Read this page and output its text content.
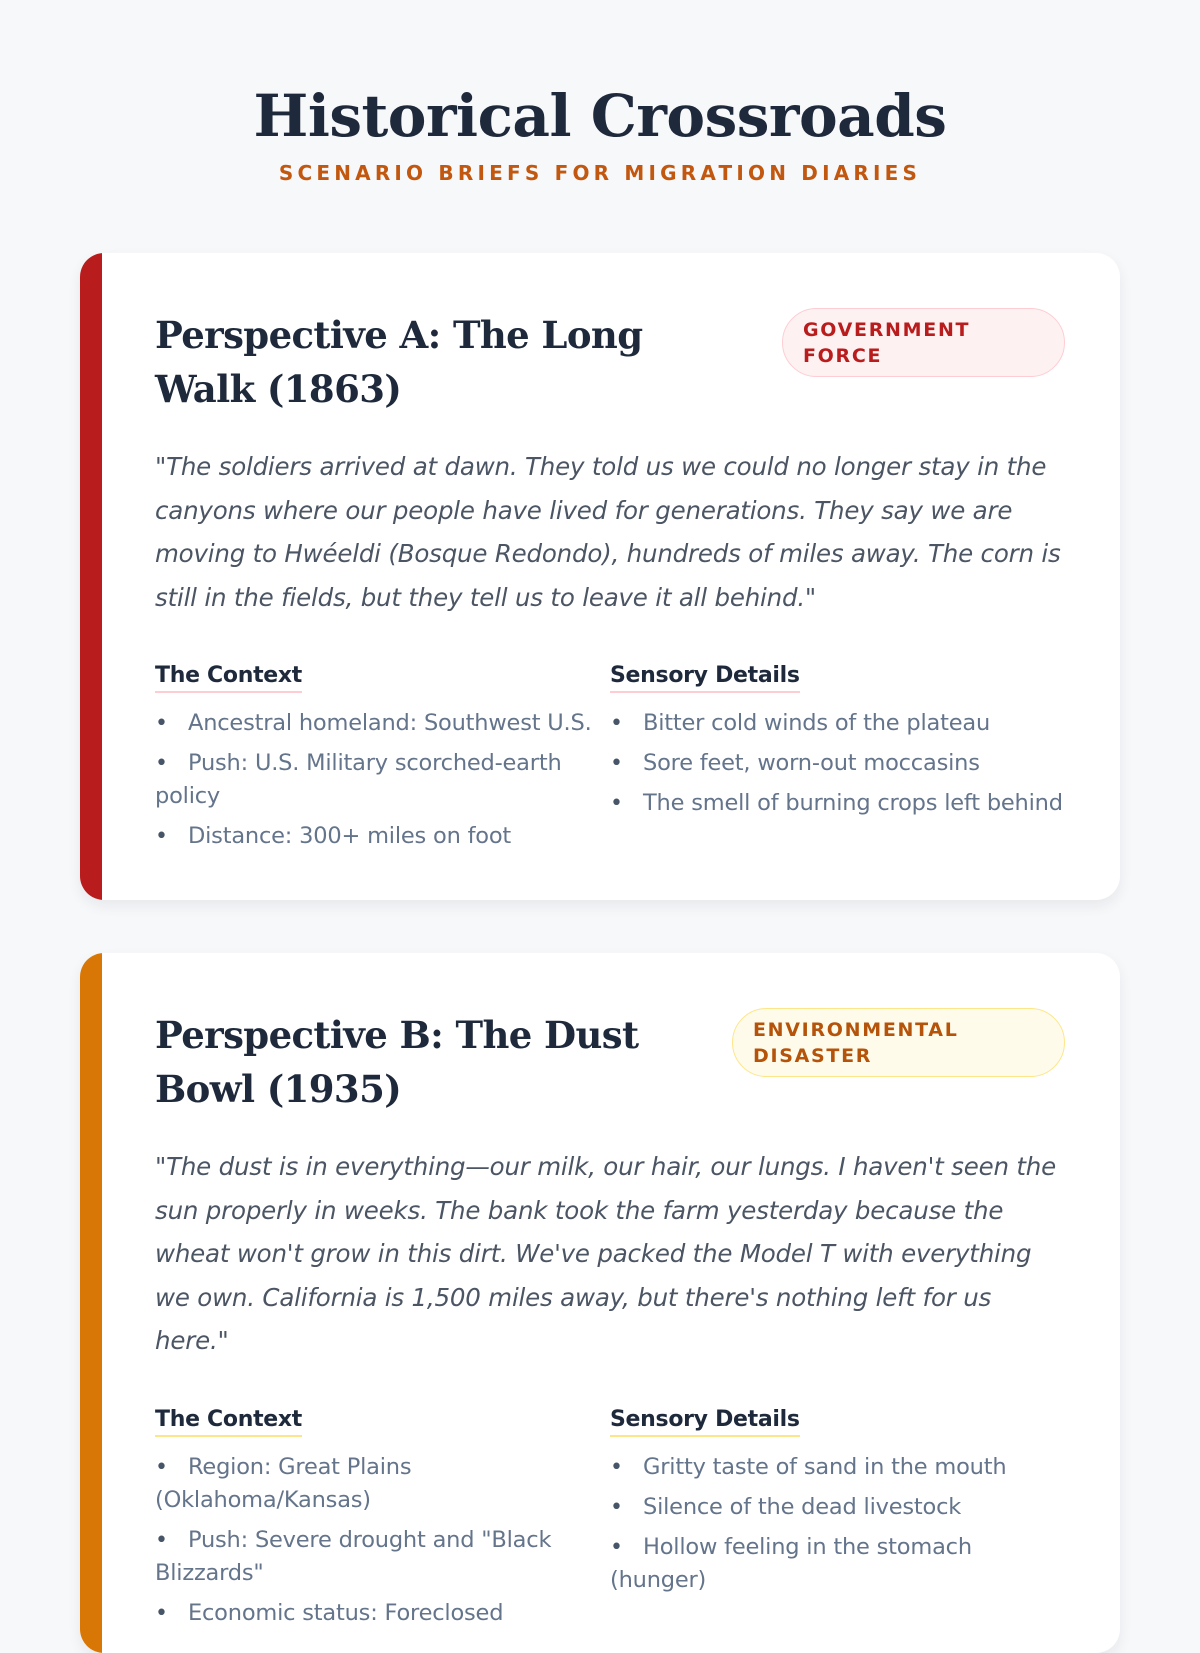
Historical Crossroads
SCENARIO BRIEFS FOR MIGRATION DIARIES
Perspective A: The Long Walk (1863)
GOVERNMENT FORCE
"The soldiers arrived at dawn. They told us we could no longer stay in the canyons where our people have lived for generations. They say we are moving to Hwéeldi (Bosque Redondo), hundreds of miles away. The corn is still in the fields, but they tell us to leave it all behind."
The Context
• Ancestral homeland: Southwest U.S.
• Push: U.S. Military scorched-earth policy
• Distance: 300+ miles on foot
Sensory Details
• Bitter cold winds of the plateau
• Sore feet, worn-out moccasins
• The smell of burning crops left behind
Perspective B: The Dust Bowl (1935)
ENVIRONMENTAL DISASTER
"The dust is in everything—our milk, our hair, our lungs. I haven't seen the sun properly in weeks. The bank took the farm yesterday because the wheat won't grow in this dirt. We've packed the Model T with everything we own. California is 1,500 miles away, but there's nothing left for us here."
The Context
• Region: Great Plains (Oklahoma/Kansas)
• Push: Severe drought and "Black Blizzards"
• Economic status: Foreclosed
Sensory Details
• Gritty taste of sand in the mouth
• Silence of the dead livestock
• Hollow feeling in the stomach (hunger)
